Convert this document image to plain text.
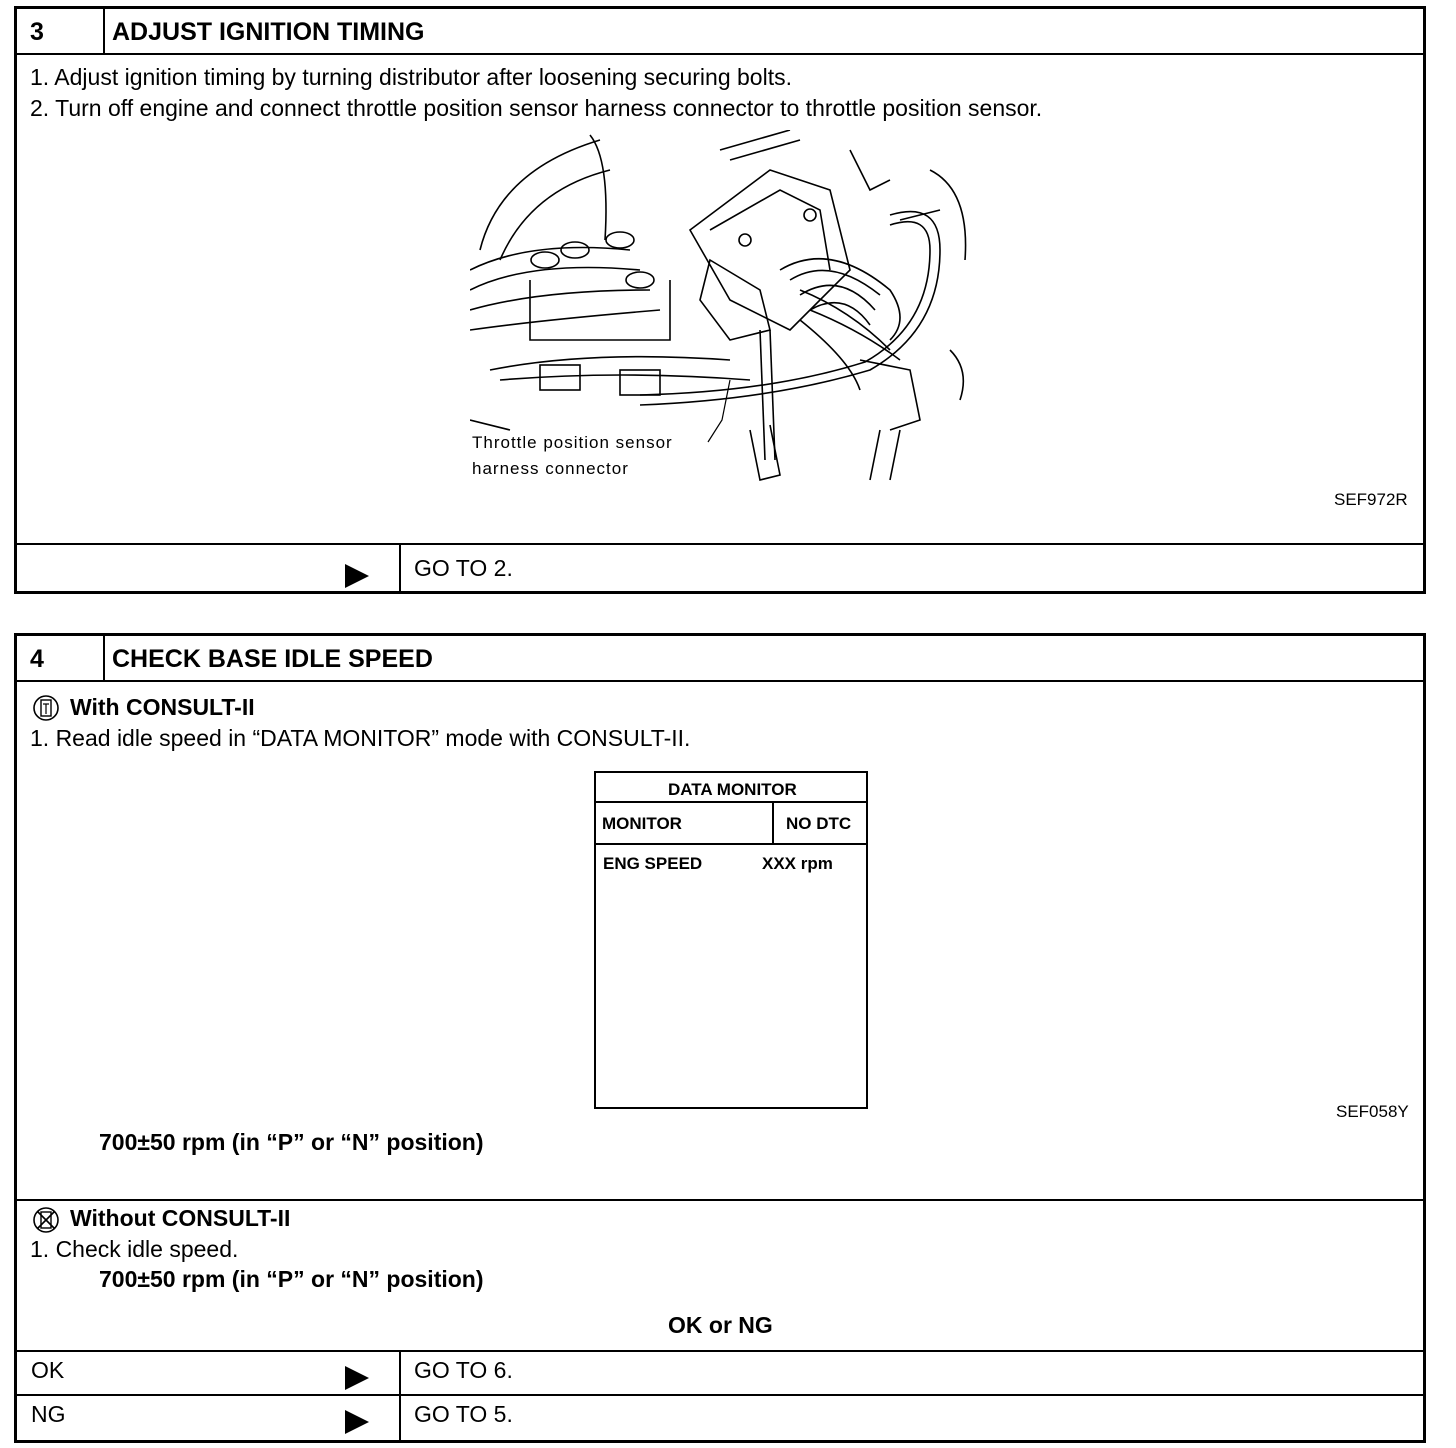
3	ADJUST IGNITION TIMING
1. Adjust ignition timing by turning distributor after loosening securing bolts.
2. Turn off engine and connect throttle position sensor harness connector to throttle position sensor.
Throttle position sensor
harness connector
SEF972R
GO TO 2.
4	CHECK BASE IDLE SPEED
With CONSULT-II
1. Read idle speed in “DATA MONITOR” mode with CONSULT-II.
DATA MONITOR
MONITOR	NO DTC
ENG SPEED	XXX rpm
SEF058Y
700±50 rpm (in “P” or “N” position)
Without CONSULT-II
1. Check idle speed.
700±50 rpm (in “P” or “N” position)
OK or NG
OK	GO TO 6.
NG	GO TO 5.
